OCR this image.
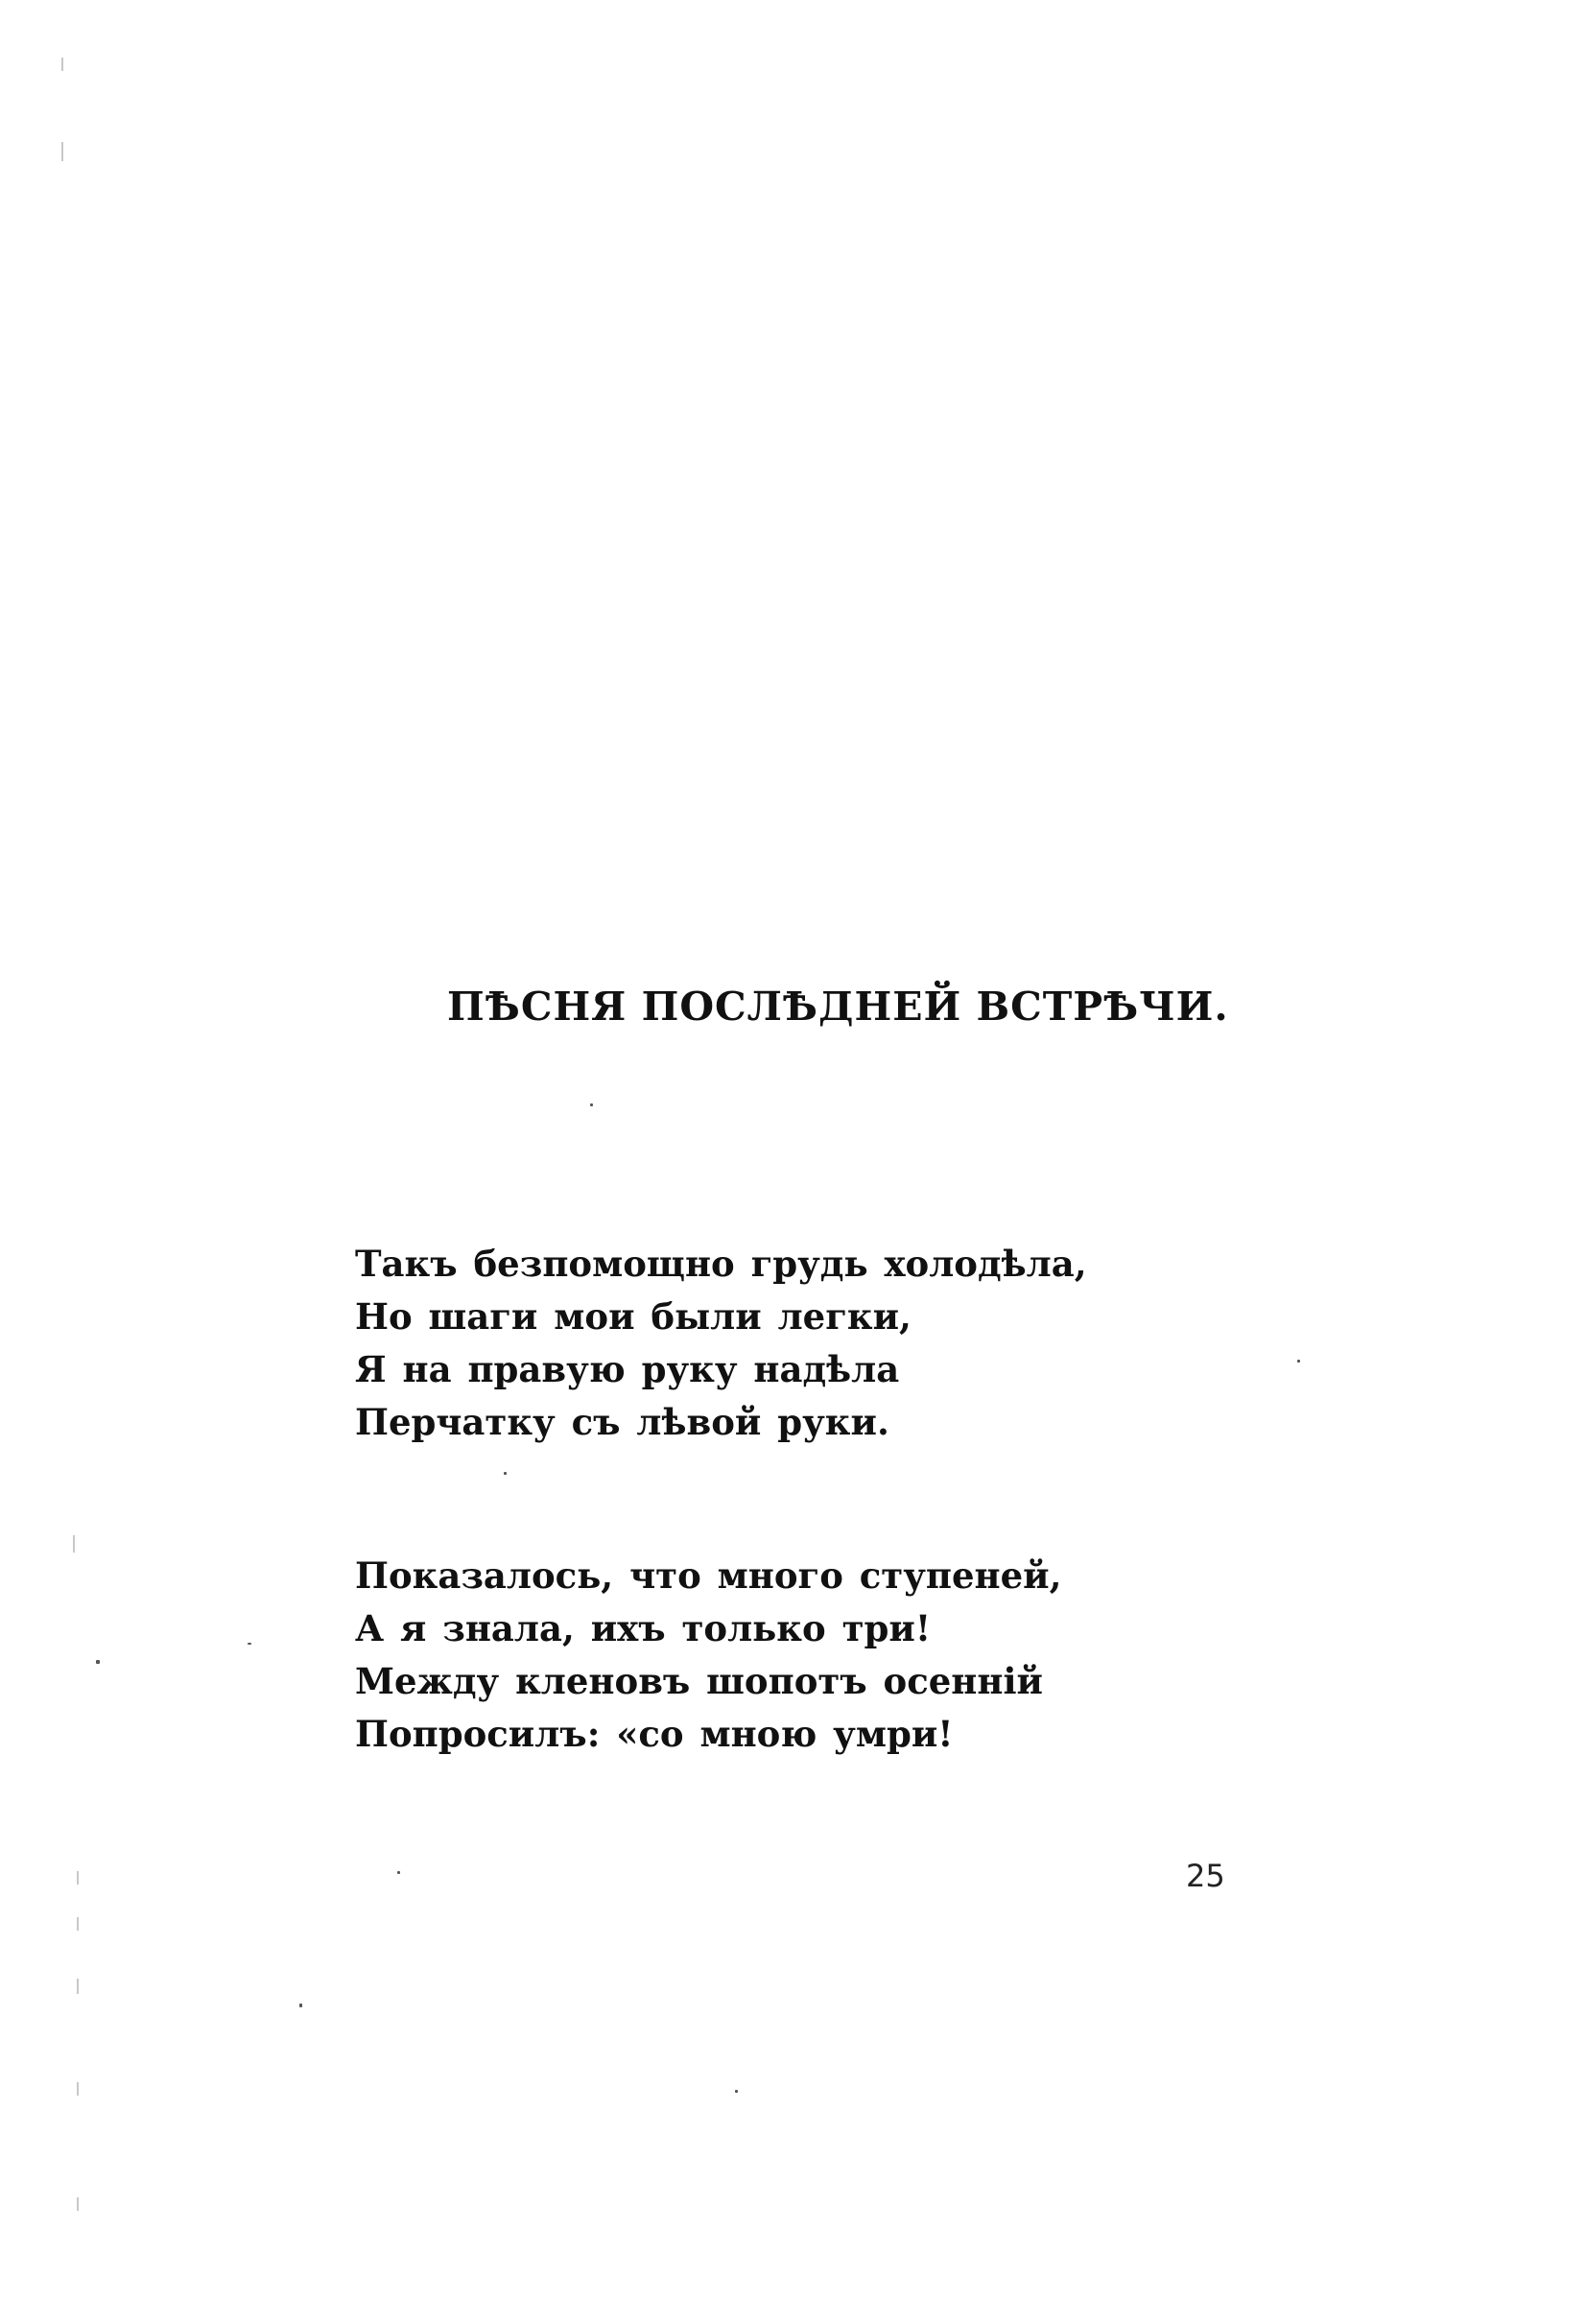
ПѢСНЯ ПОСЛѢДНЕЙ ВСТРѢЧИ.
Такъ безпомощно грудь холодѣла,
Но шаги мои были легки,
Я на правую руку надѣла
Перчатку съ лѣвой руки.
Показалось, что много ступеней,
А я знала, ихъ только три!
Между кленовъ шопотъ осенній
Попросилъ: «со мною умри!
25
